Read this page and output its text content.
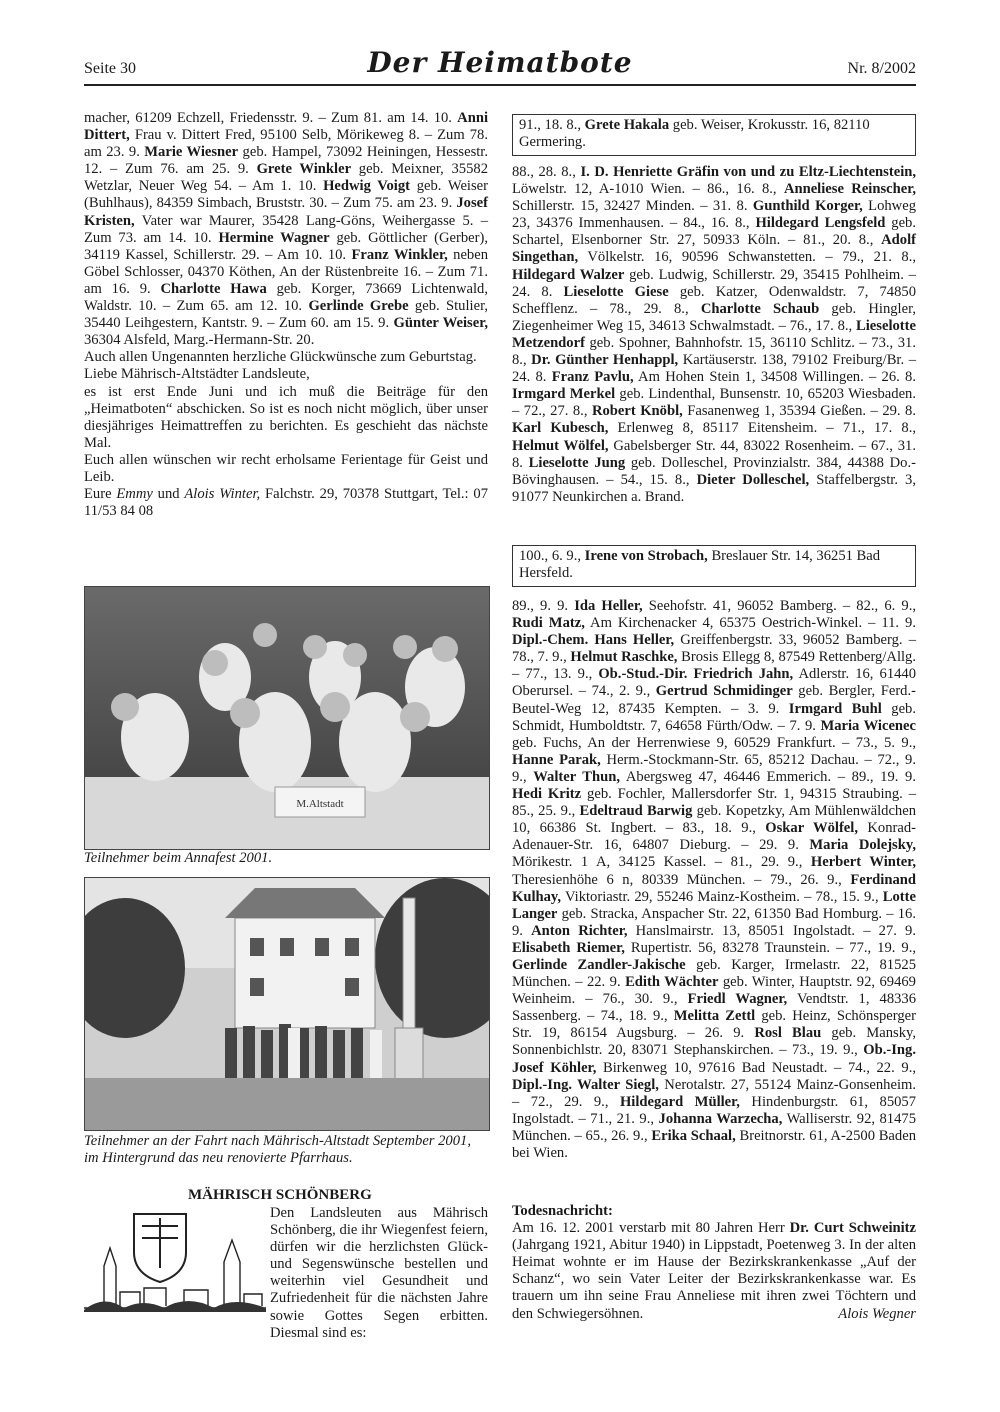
Seite 30	Der Heimatbote	Nr. 8/2002

macher, 61209 Echzell, Friedensstr. 9. – Zum 81. am 14. 10. Anni Dittert, Frau v. Dittert Fred, 95100 Selb, Mörikeweg 8. – Zum 78. am 23. 9. Marie Wiesner geb. Hampel, 73092 Heiningen, Hessestr. 12. – Zum 76. am 25. 9. Grete Winkler geb. Meixner, 35582 Wetzlar, Neuer Weg 54. – Am 1. 10. Hedwig Voigt geb. Weiser (Buhlhaus), 84359 Simbach, Bruststr. 30. – Zum 75. am 23. 9. Josef Kristen, Vater war Maurer, 35428 Lang-Göns, Weihergasse 5. – Zum 73. am 14. 10. Hermine Wagner geb. Göttlicher (Gerber), 34119 Kassel, Schillerstr. 29. – Am 10. 10. Franz Winkler, neben Göbel Schlosser, 04370 Köthen, An der Rüstenbreite 16. – Zum 71. am 16. 9. Charlotte Hawa geb. Korger, 73669 Lichtenwald, Waldstr. 10. – Zum 65. am 12. 10. Gerlinde Grebe geb. Stulier, 35440 Leihgestern, Kantstr. 9. – Zum 60. am 15. 9. Günter Weiser, 36304 Alsfeld, Marg.-Hermann-Str. 20.

Auch allen Ungenannten herzliche Glückwünsche zum Geburtstag.

Liebe Mährisch-Altstädter Landsleute,

es ist erst Ende Juni und ich muß die Beiträge für den „Heimatboten“ abschicken. So ist es noch nicht möglich, über unser diesjähriges Heimattreffen zu berichten. Es geschieht das nächste Mal.

Euch allen wünschen wir recht erholsame Ferientage für Geist und Leib.

Eure Emmy und Alois Winter, Falchstr. 29, 70378 Stuttgart, Tel.: 07 11/53 84 08

M.Altstadt
Teilnehmer beim Annafest 2001.
Teilnehmer an der Fahrt nach Mährisch-Altstadt September 2001, im Hintergrund das neu renovierte Pfarrhaus.
MÄHRISCH SCHÖNBERG

Den Landsleuten aus Mährisch Schönberg, die ihr Wiegenfest feiern, dürfen wir die herzlichsten Glück- und Segenswünsche bestellen und weiterhin viel Gesundheit und Zufriedenheit für die nächsten Jahre sowie Gottes Segen erbitten. Diesmal sind es:

91., 18. 8., Grete Hakala geb. Weiser, Krokusstr. 16, 82110 Germering.

88., 28. 8., I. D. Henriette Gräfin von und zu Eltz-Liechtenstein, Löwelstr. 12, A-1010 Wien. – 86., 16. 8., Anneliese Reinscher, Schillerstr. 15, 32427 Minden. – 31. 8. Gunthild Korger, Lohweg 23, 34376 Immenhausen. – 84., 16. 8., Hildegard Lengsfeld geb. Schartel, Elsenborner Str. 27, 50933 Köln. – 81., 20. 8., Adolf Singethan, Völkelstr. 16, 90596 Schwanstetten. – 79., 21. 8., Hildegard Walzer geb. Ludwig, Schillerstr. 29, 35415 Pohlheim. – 24. 8. Lieselotte Giese geb. Katzer, Odenwaldstr. 7, 74850 Schefflenz. – 78., 29. 8., Charlotte Schaub geb. Hingler, Ziegenheimer Weg 15, 34613 Schwalmstadt. – 76., 17. 8., Lieselotte Metzendorf geb. Spohner, Bahnhofstr. 15, 36110 Schlitz. – 73., 31. 8., Dr. Günther Henhappl, Kartäuserstr. 138, 79102 Freiburg/Br. – 24. 8. Franz Pavlu, Am Hohen Stein 1, 34508 Willingen. – 26. 8. Irmgard Merkel geb. Lindenthal, Bunsenstr. 10, 65203 Wiesbaden. – 72., 27. 8., Robert Knöbl, Fasanenweg 1, 35394 Gießen. – 29. 8. Karl Kubesch, Erlenweg 8, 85117 Eitensheim. – 71., 17. 8., Helmut Wölfel, Gabelsberger Str. 44, 83022 Rosenheim. – 67., 31. 8. Lieselotte Jung geb. Dolleschel, Provinzialstr. 384, 44388 Do.-Bövinghausen. – 54., 15. 8., Dieter Dolleschel, Staffelbergstr. 3, 91077 Neunkirchen a. Brand.

100., 6. 9., Irene von Strobach, Breslauer Str. 14, 36251 Bad Hersfeld.

89., 9. 9. Ida Heller, Seehofstr. 41, 96052 Bamberg. – 82., 6. 9., Rudi Matz, Am Kirchenacker 4, 65375 Oestrich-Winkel. – 11. 9. Dipl.-Chem. Hans Heller, Greiffenbergstr. 33, 96052 Bamberg. – 78., 7. 9., Helmut Raschke, Brosis Ellegg 8, 87549 Rettenberg/Allg. – 77., 13. 9., Ob.-Stud.-Dir. Friedrich Jahn, Adlerstr. 16, 61440 Oberursel. – 74., 2. 9., Gertrud Schmidinger geb. Bergler, Ferd.-Beutel-Weg 12, 87435 Kempten. – 3. 9. Irmgard Buhl geb. Schmidt, Humboldtstr. 7, 64658 Fürth/Odw. – 7. 9. Maria Wicenec geb. Fuchs, An der Herrenwiese 9, 60529 Frankfurt. – 73., 5. 9., Hanne Parak, Herm.-Stockmann-Str. 65, 85212 Dachau. – 72., 9. 9., Walter Thun, Abergsweg 47, 46446 Emmerich. – 89., 19. 9. Hedi Kritz geb. Fochler, Mallersdorfer Str. 1, 94315 Straubing. – 85., 25. 9., Edeltraud Barwig geb. Kopetzky, Am Mühlenwäldchen 10, 66386 St. Ingbert. – 83., 18. 9., Oskar Wölfel, Konrad-Adenauer-Str. 16, 64807 Dieburg. – 29. 9. Maria Dolejsky, Mörikestr. 1 A, 34125 Kassel. – 81., 29. 9., Herbert Winter, Theresienhöhe 6 n, 80339 München. – 79., 26. 9., Ferdinand Kulhay, Viktoriastr. 29, 55246 Mainz-Kostheim. – 78., 15. 9., Lotte Langer geb. Stracka, Anspacher Str. 22, 61350 Bad Homburg. – 16. 9. Anton Richter, Hanslmairstr. 13, 85051 Ingolstadt. – 27. 9. Elisabeth Riemer, Rupertistr. 56, 83278 Traunstein. – 77., 19. 9., Gerlinde Zandler-Jakische geb. Karger, Irmelastr. 22, 81525 München. – 22. 9. Edith Wächter geb. Winter, Hauptstr. 92, 69469 Weinheim. – 76., 30. 9., Friedl Wagner, Vendtstr. 1, 48336 Sassenberg. – 74., 18. 9., Melitta Zettl geb. Heinz, Schönsperger Str. 19, 86154 Augsburg. – 26. 9. Rosl Blau geb. Mansky, Sonnenbichlstr. 20, 83071 Stephanskirchen. – 73., 19. 9., Ob.-Ing. Josef Köhler, Birkenweg 10, 97616 Bad Neustadt. – 74., 22. 9., Dipl.-Ing. Walter Siegl, Nerotalstr. 27, 55124 Mainz-Gonsenheim. – 72., 29. 9., Hildegard Müller, Hindenburgstr. 61, 85057 Ingolstadt. – 71., 21. 9., Johanna Warzecha, Walliserstr. 92, 81475 München. – 65., 26. 9., Erika Schaal, Breitnorstr. 61, A-2500 Baden bei Wien.

Todesnachricht:

Am 16. 12. 2001 verstarb mit 80 Jahren Herr Dr. Curt Schweinitz (Jahrgang 1921, Abitur 1940) in Lippstadt, Poetenweg 3. In der alten Heimat wohnte er im Hause der Bezirkskrankenkasse „Auf der Schanz“, wo sein Vater Leiter der Bezirkskrankenkasse war. Es trauern um ihn seine Frau Anneliese mit ihren zwei Töchtern und den Schwiegersöhnen.	Alois Wegner
